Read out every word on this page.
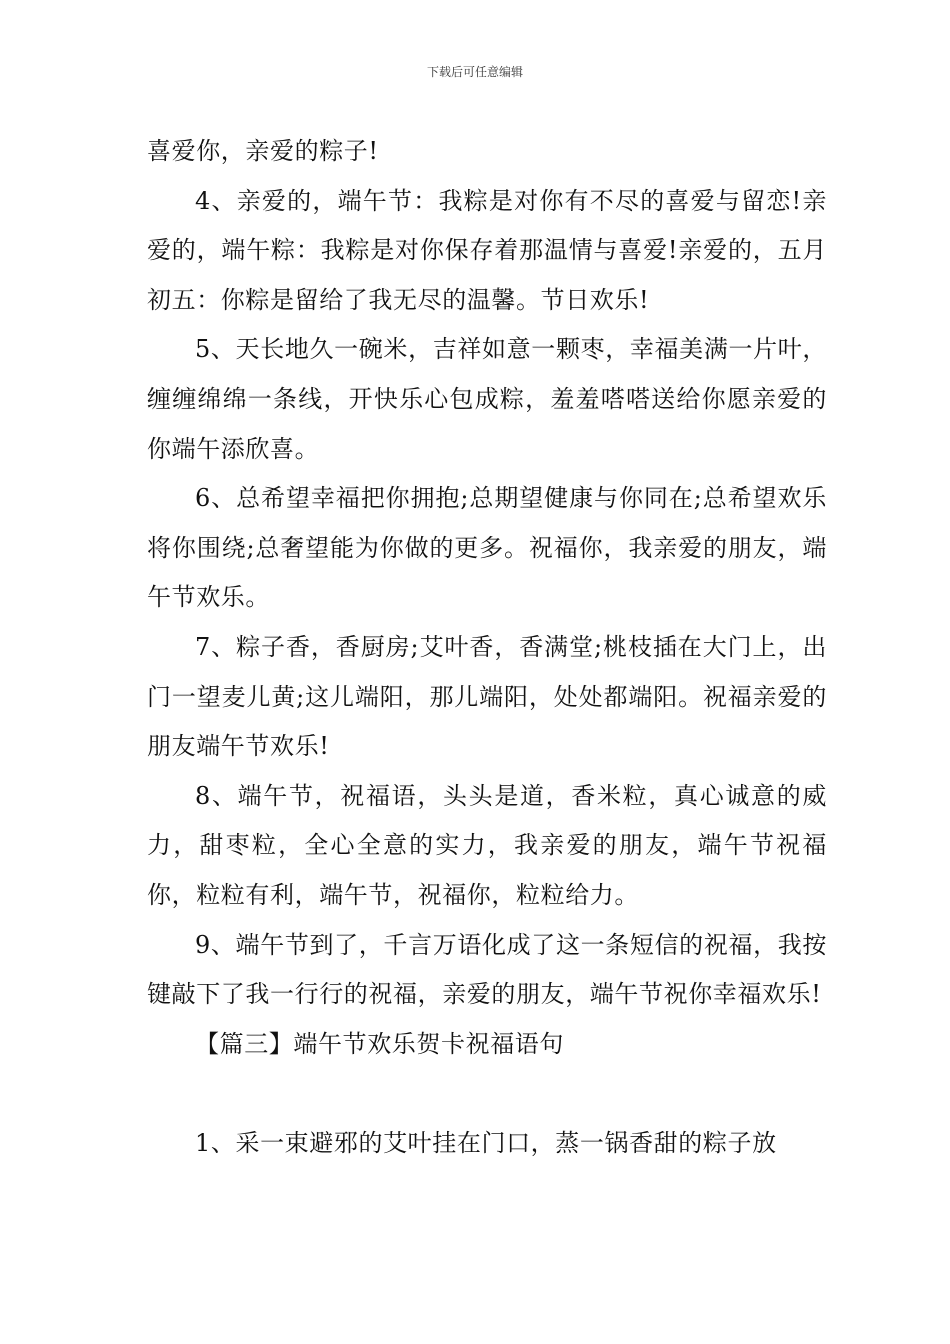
下载后可任意编辑

喜爱你，亲爱的粽子!

4、亲爱的，端午节：我粽是对你有不尽的喜爱与留恋!亲爱的，端午粽：我粽是对你保存着那温情与喜爱!亲爱的，五月初五：你粽是留给了我无尽的温馨。节日欢乐!

5、天长地久一碗米，吉祥如意一颗枣，幸福美满一片叶，缠缠绵绵一条线，开快乐心包成粽，羞羞嗒嗒送给你愿亲爱的你端午添欣喜。

6、总希望幸福把你拥抱;总期望健康与你同在;总希望欢乐将你围绕;总奢望能为你做的更多。祝福你，我亲爱的朋友，端午节欢乐。

7、粽子香，香厨房;艾叶香，香满堂;桃枝插在大门上，出门一望麦儿黄;这儿端阳，那儿端阳，处处都端阳。祝福亲爱的朋友端午节欢乐!

8、端午节，祝福语，头头是道，香米粒，真心诚意的威力，甜枣粒，全心全意的实力，我亲爱的朋友，端午节祝福你，粒粒有利，端午节，祝福你，粒粒给力。

9、端午节到了，千言万语化成了这一条短信的祝福，我按键敲下了我一行行的祝福，亲爱的朋友，端午节祝你幸福欢乐!

【篇三】端午节欢乐贺卡祝福语句

1、采一束避邪的艾叶挂在门口，蒸一锅香甜的粽子放
